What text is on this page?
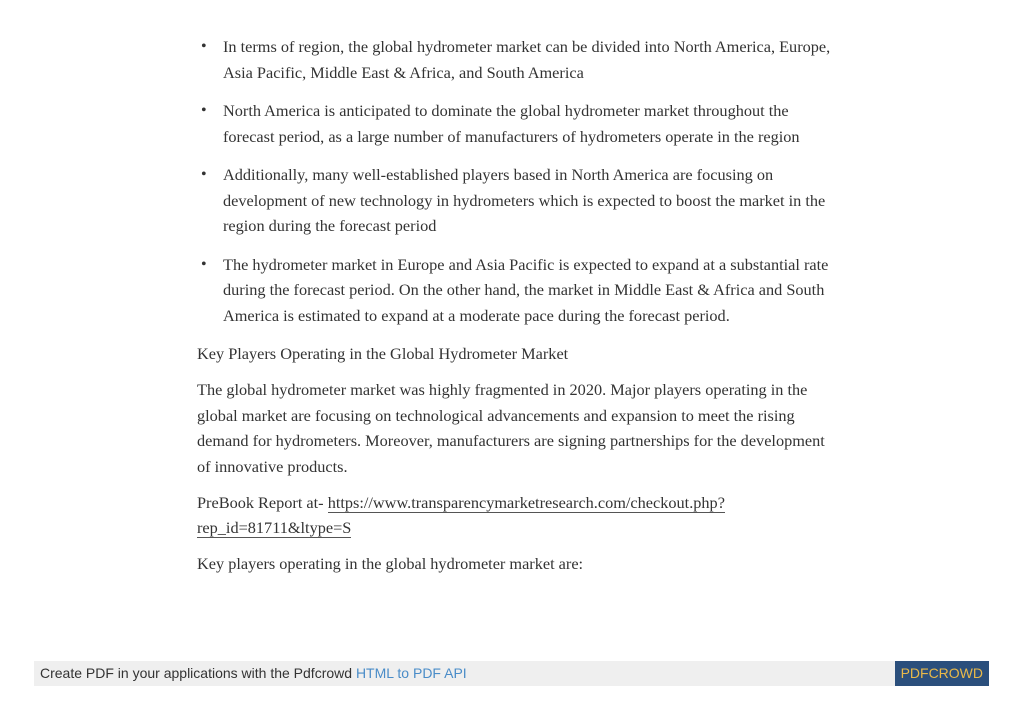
• In terms of region, the global hydrometer market can be divided into North America, Europe, Asia Pacific, Middle East & Africa, and South America
• North America is anticipated to dominate the global hydrometer market throughout the forecast period, as a large number of manufacturers of hydrometers operate in the region
• Additionally, many well-established players based in North America are focusing on development of new technology in hydrometers which is expected to boost the market in the region during the forecast period
• The hydrometer market in Europe and Asia Pacific is expected to expand at a substantial rate during the forecast period. On the other hand, the market in Middle East & Africa and South America is estimated to expand at a moderate pace during the forecast period.

Key Players Operating in the Global Hydrometer Market

The global hydrometer market was highly fragmented in 2020. Major players operating in the global market are focusing on technological advancements and expansion to meet the rising demand for hydrometers. Moreover, manufacturers are signing partnerships for the development of innovative products.

PreBook Report at- https://www.transparencymarketresearch.com/checkout.php?rep_id=81711&ltype=S

Key players operating in the global hydrometer market are:

Create PDF in your applications with the Pdfcrowd HTML to PDF API	PDFCROWD
